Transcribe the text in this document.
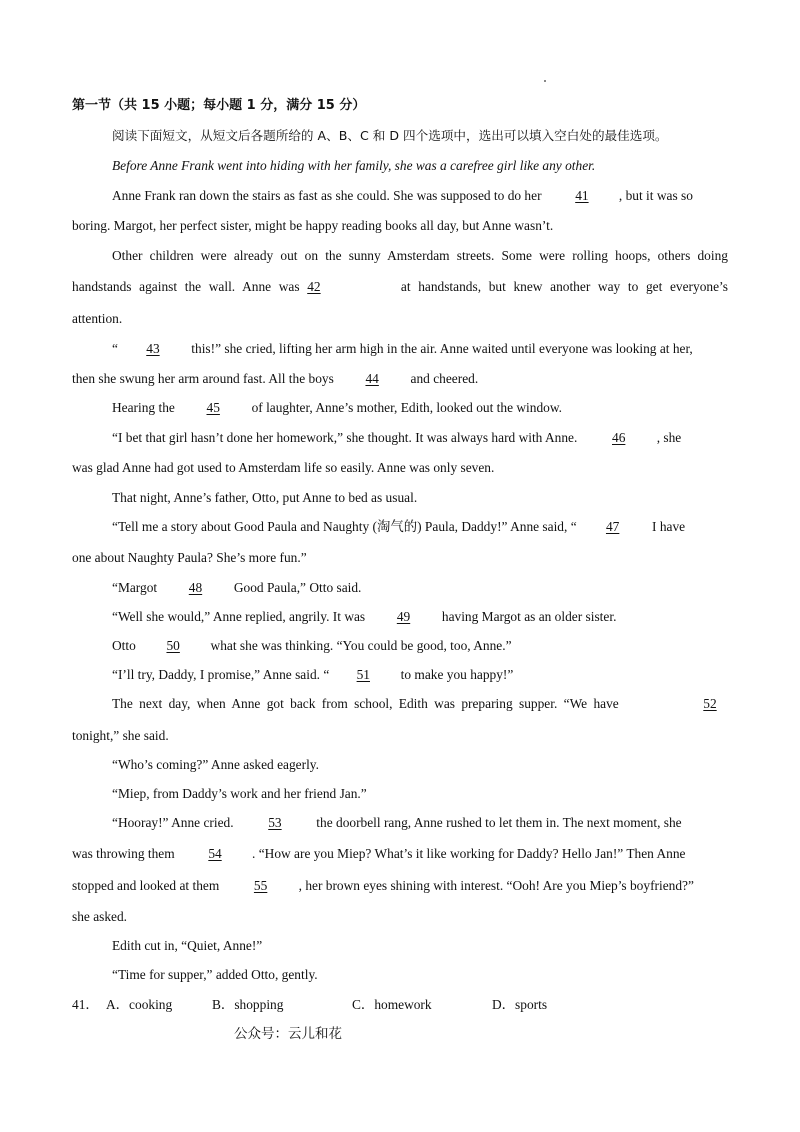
第一节（共 15 小题；每小题 1 分，满分 15 分）
阅读下面短文，从短文后各题所给的 A、B、C 和 D 四个选项中，选出可以填入空白处的最佳选项。
Before Anne Frank went into hiding with her family, she was a carefree girl like any other.
Anne Frank ran down the stairs as fast as she could. She was supposed to do her	41 , but it was so
boring. Margot, her perfect sister, might be happy reading books all day, but Anne wasn’t.
Other children were already out on the sunny Amsterdam streets. Some were rolling hoops, others doing
handstands against the wall. Anne was 42	at handstands, but knew another way to get everyone’s
attention.
“ 43 this!” she cried, lifting her arm high in the air. Anne waited until everyone was looking at her,
then she swung her arm around fast. All the boys 44 and cheered.
Hearing the 45 of laughter, Anne’s mother, Edith, looked out the window.
“I bet that girl hasn’t done her homework,” she thought. It was always hard with Anne.	46 , she
was glad Anne had got used to Amsterdam life so easily. Anne was only seven.
That night, Anne’s father, Otto, put Anne to bed as usual.
“Tell me a story about Good Paula and Naughty (淘气的) Paula, Daddy!” Anne said, “ 47 I have
one about Naughty Paula? She’s more fun.”
“Margot 48 Good Paula,” Otto said.
“Well she would,” Anne replied, angrily. It was 49 having Margot as an older sister.
Otto 50 what she was thinking. “You could be good, too, Anne.”
“I’ll try, Daddy, I promise,” Anne said. “ 51 to make you happy!”
The next day, when Anne got back from school, Edith was preparing supper. “We have	52
tonight,” she said.
“Who’s coming?” Anne asked eagerly.
“Miep, from Daddy’s work and her friend Jan.”
“Hooray!” Anne cried.	53	the doorbell rang, Anne rushed to let them in. The next moment, she
was throwing them	54 . “How are you Miep? What’s it like working for Daddy? Hello Jan!” Then Anne
stopped and looked at them	55 , her brown eyes shining with interest. “Ooh! Are you Miep’s boyfriend?”
she asked.
Edith cut in, “Quiet, Anne!”
“Time for supper,” added Otto, gently.
41． A．cooking	B．shopping	C．homework	D．sports
公众号：云儿和花
